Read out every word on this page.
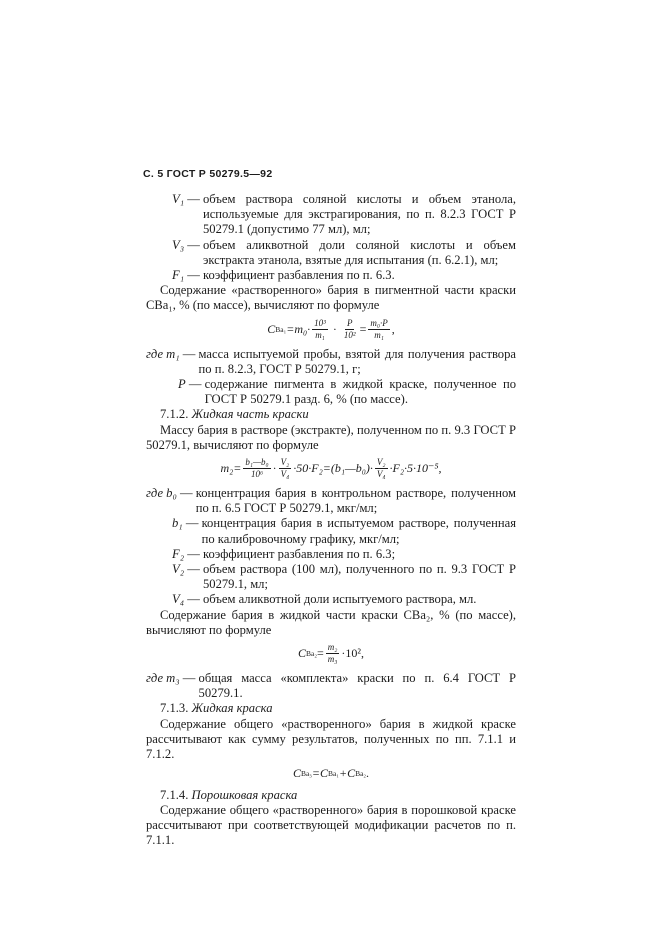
С. 5 ГОСТ Р 50279.5—92
V₁ — объем раствора соляной кислоты и объем этанола, используемые для экстрагирования, по п. 8.2.3 ГОСТ Р 50279.1 (допустимо 77 мл), мл;
V₃ — объем аликвотной доли соляной кислоты и объем экстракта этанола, взятые для испытания (п. 6.2.1), мл;
F₁ — коэффициент разбавления по п. 6.3.
Содержание «растворенного» бария в пигментной части краски CBa₁, % (по массе), вычисляют по формуле
C $Ba_1 =m_0\cdot \frac{\text{10³}}{\text{m₁}} \cdot \frac{P}{\text{10²}} = \frac{\text{m₀·P}}{\text{m₁}}$ ,
где m₁ — масса испытуемой пробы, взятой для получения раствора по п. 8.2.3, ГОСТ Р 50279.1, г;
P — содержание пигмента в жидкой краске, полученное по ГОСТ Р 50279.1 разд. 6, % (по массе).
7.1.2. Жидкая часть краски
Массу бария в растворе (экстракте), полученном по п. 9.3 ГОСТ Р 50279.1, вычисляют по формуле
$m_2= \frac{\text{b₁—b₀}}{\text{10⁶}} \cdot \frac{\text{V₂}}{\text{V₄}}$ ·50·F₂=(b₁—b₀)· $\frac{\text{V₂}}{\text{V₄}} \cdot F_2\cdot 5\cdot 10^{-5}$,
где b₀ — концентрация бария в контрольном растворе, полученном по п. 6.5 ГОСТ Р 50279.1, мкг/мл;
b₁ — концентрация бария в испытуемом растворе, полученная по калибровочному графику, мкг/мл;
F₂ — коэффициент разбавления по п. 6.3;
V₂ — объем раствора (100 мл), полученного по п. 9.3 ГОСТ Р 50279.1, мл;
V₄ — объем аликвотной доли испытуемого раствора, мл.
Содержание бария в жидкой части краски CBa₂, % (по массе), вычисляют по формуле
C $Ba_2 = \frac{\text{m₂}}{\text{m₃}} \cdot 10^2$,
где m₃ — общая масса «комплекта» краски по п. 6.4 ГОСТ Р 50279.1.
7.1.3. Жидкая краска
Содержание общего «растворенного» бария в жидкой краске рассчитывают как сумму результатов, полученных по пп. 7.1.1 и 7.1.2.
C Ba₃ =C Ba₁ +C Ba₂ .
7.1.4. Порошковая краска
Содержание общего «растворенного» бария в порошковой краске рассчитывают при соответствующей модификации расчетов по п. 7.1.1.
